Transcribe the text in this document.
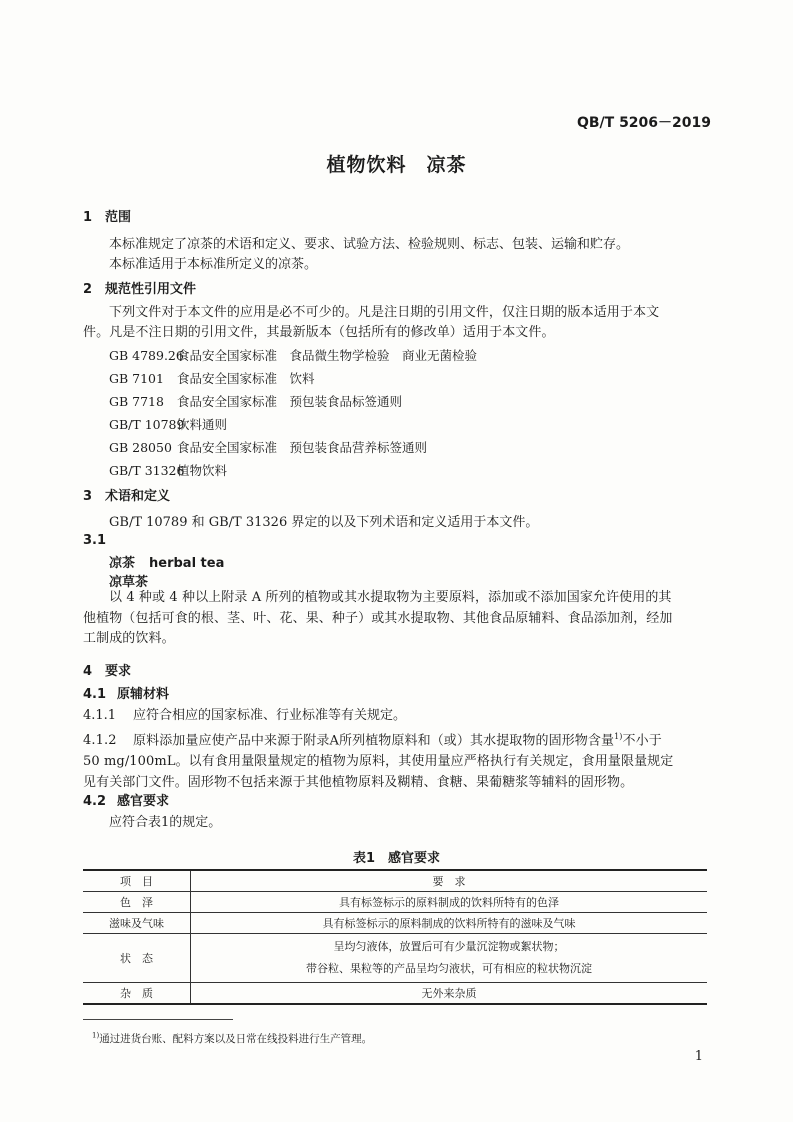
QB/T 5206－2019
植物饮料　凉茶
1 范围
本标准规定了凉茶的术语和定义、要求、试验方法、检验规则、标志、包装、运输和贮存。
本标准适用于本标准所定义的凉茶。
2 规范性引用文件
下列文件对于本文件的应用是必不可少的。凡是注日期的引用文件，仅注日期的版本适用于本文件。凡是不注日期的引用文件，其最新版本（包括所有的修改单）适用于本文件。
GB 4789.26食品安全国家标准　食品微生物学检验　商业无菌检验
GB 7101 食品安全国家标准　饮料
GB 7718 食品安全国家标准　预包装食品标签通则
GB/T 10789饮料通则
GB 28050 食品安全国家标准　预包装食品营养标签通则
GB/T 31326植物饮料
3 术语和定义
GB/T 10789 和 GB/T 31326 界定的以及下列术语和定义适用于本文件。
3.1
凉茶 herbal tea
凉草茶
以 4 种或 4 种以上附录 A 所列的植物或其水提取物为主要原料，添加或不添加国家允许使用的其他植物（包括可食的根、茎、叶、花、果、种子）或其水提取物、其他食品原辅料、食品添加剂，经加工制成的饮料。
4 要求
4.1 原辅材料
4.1.1 应符合相应的国家标准、行业标准等有关规定。
4.1.2 原料添加量应使产品中来源于附录A所列植物原料和（或）其水提取物的固形物含量$^{1)}$不小于 50 mg/100mL。以有食用量限量规定的植物为原料，其使用量应严格执行有关规定，食用量限量规定见有关部门文件。固形物不包括来源于其他植物原料及糊精、食糖、果葡糖浆等辅料的固形物。
4.2 感官要求
应符合表1的规定。
表1　感官要求
项　目	要　求
色　泽	具有标签标示的原料制成的饮料所特有的色泽
滋味及气味	具有标签标示的原料制成的饮料所特有的滋味及气味
状　态	呈均匀液体，放置后可有少量沉淀物或絮状物；
带谷粒、果粒等的产品呈均匀液状，可有相应的粒状物沉淀

杂　质	无外来杂质
$^{1)}$通过进货台账、配料方案以及日常在线投料进行生产管理。
1
